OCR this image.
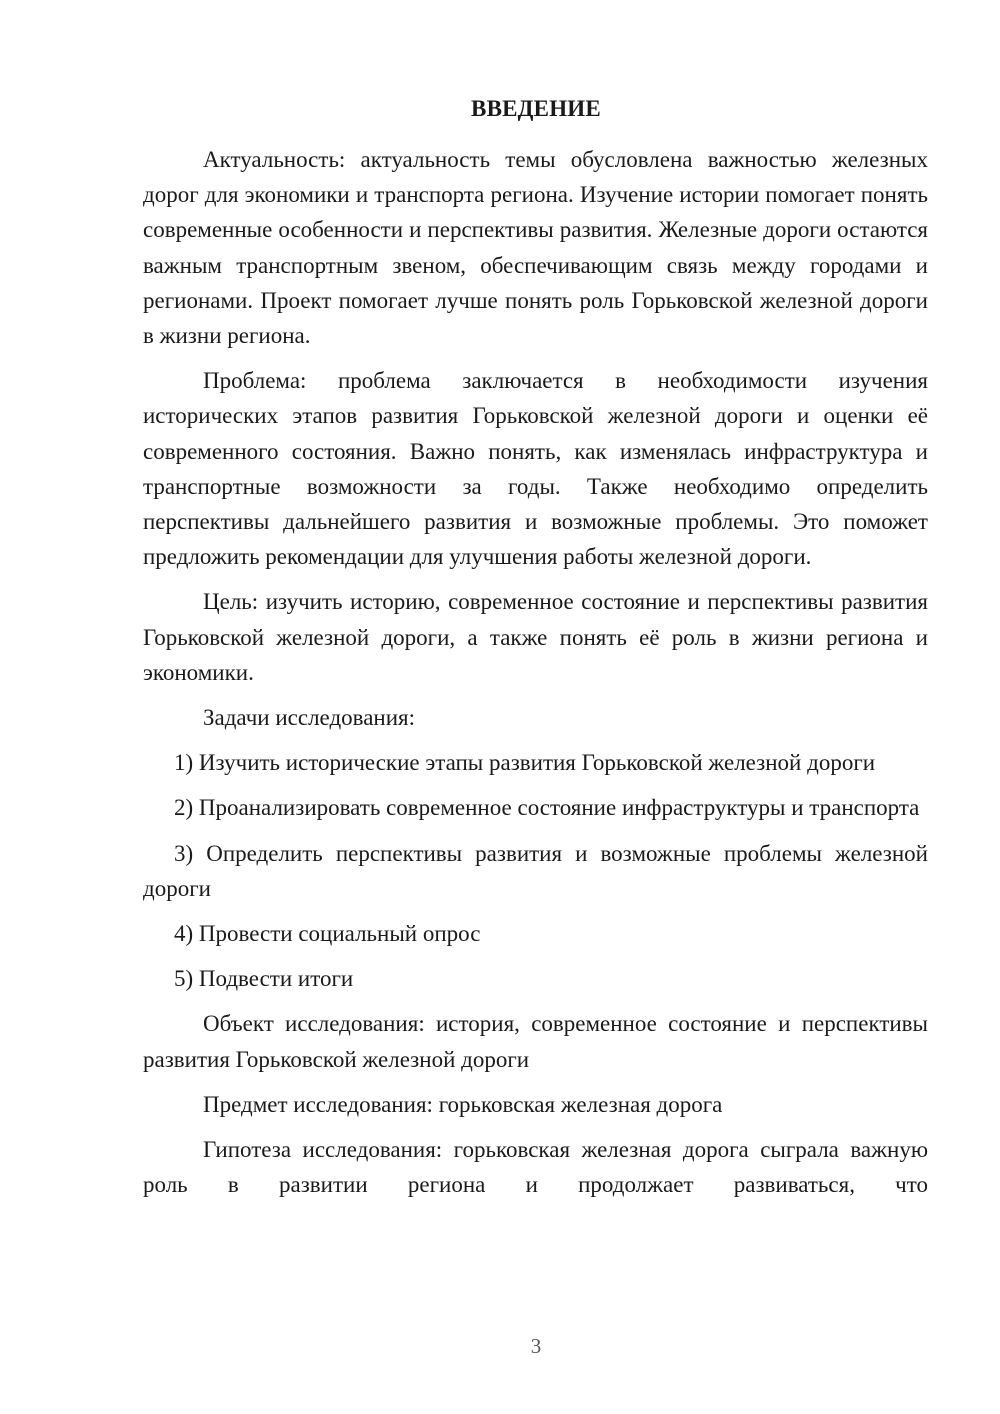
ВВЕДЕНИЕ

Актуальность: актуальность темы обусловлена важностью железных дорог для экономики и транспорта региона. Изучение истории помогает понять современные особенности и перспективы развития. Железные дороги остаются важным транспортным звеном, обеспечивающим связь между городами и регионами. Проект помогает лучше понять роль Горьковской железной дороги в жизни региона.

Проблема: проблема заключается в необходимости изучения исторических этапов развития Горьковской железной дороги и оценки её современного состояния. Важно понять, как изменялась инфраструктура и транспортные возможности за годы. Также необходимо определить перспективы дальнейшего развития и возможные проблемы. Это поможет предложить рекомендации для улучшения работы железной дороги.

Цель: изучить историю, современное состояние и перспективы развития Горьковской железной дороги, а также понять её роль в жизни региона и экономики.

Задачи исследования:

1) Изучить исторические этапы развития Горьковской железной дороги

2) Проанализировать современное состояние инфраструктуры и транспорта

3) Определить перспективы развития и возможные проблемы железной дороги

4) Провести социальный опрос

5) Подвести итоги

Объект исследования: история, современное состояние и перспективы развития Горьковской железной дороги

Предмет исследования: горьковская железная дорога

Гипотеза исследования: горьковская железная дорога сыграла важную роль в развитии региона и продолжает развиваться, что

3
